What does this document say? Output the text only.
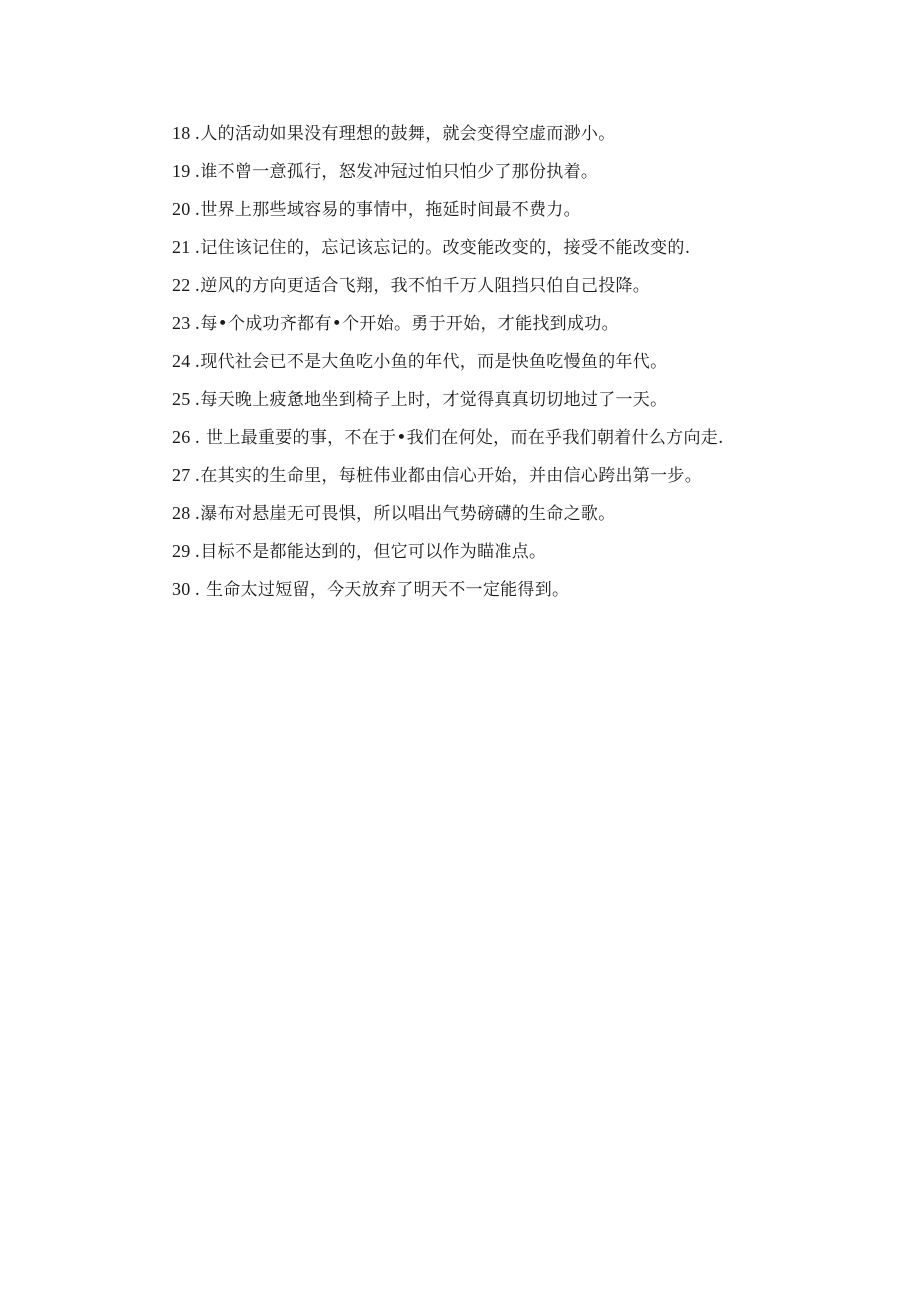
18 .人的活动如果没有理想的鼓舞，就会变得空虚而渺小。

19 .谁不曾一意孤行，怒发冲冠过怕只怕少了那份执着。

20 .世界上那些域容易的事情中，拖延时间最不费力。

21 .记住该记住的，忘记该忘记的。改变能改变的，接受不能改变的.

22 .逆风的方向更适合飞翔，我不怕千万人阻挡只伯自己投降。

23 .每•个成功齐都有•个开始。勇于开始，才能找到成功。

24 .现代社会已不是大鱼吃小鱼的年代，而是快鱼吃慢鱼的年代。

25 .每天晚上疲惫地坐到椅子上时，才觉得真真切切地过了一天。

26 . 世上最重要的事，不在于•我们在何处，而在乎我们朝着什么方向走.

27 .在其实的生命里，每桩伟业都由信心开始，并由信心跨出第一步。

28 .瀑布对悬崖无可畏惧，所以唱出气势磅礴的生命之歌。

29 .目标不是都能达到的，但它可以作为瞄准点。

30 . 生命太过短留，今天放弃了明天不一定能得到。
